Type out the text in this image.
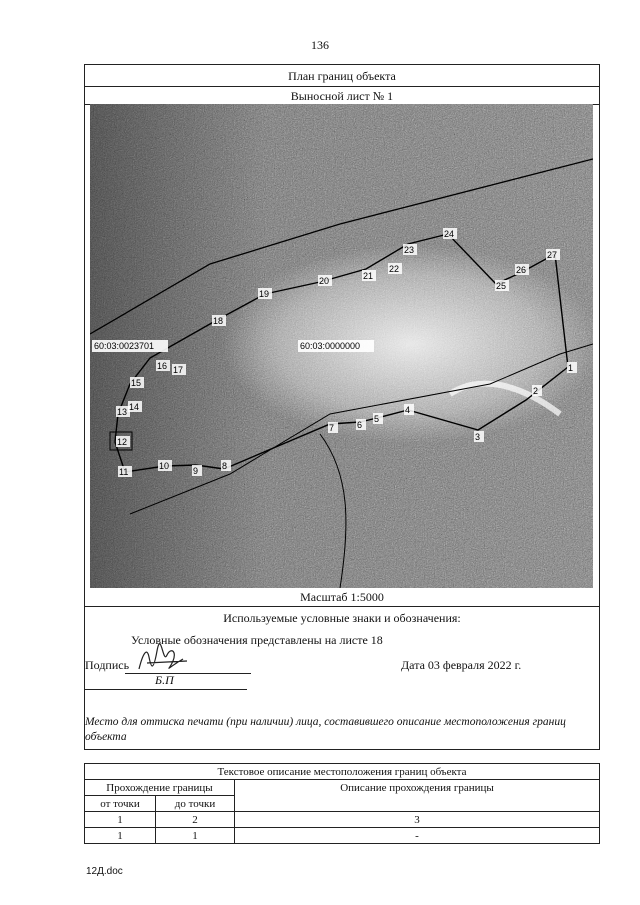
136
План границ объекта
Выносной лист № 1
Масштаб 1:5000
Используемые условные знаки и обозначения:
Условные обозначения представлены на листе 18
Подпись
Б.П
Дата 03 февраля 2022 г.
Место для оттиска печати (при наличии) лица, составившего описание местоположения границ объекта
1
2
3
4
5
6
7
8
9
10
11
12
13 14
15
16 17
18
19
20	21
22
23
24
25
26
27
60:03:0023701	60:03:0000000
Текстовое описание местоположения границ объекта		
Прохождение границы		Описание прохождения границы
от точки	до точки	
1	2	3
1	1	-
12Д.doc
